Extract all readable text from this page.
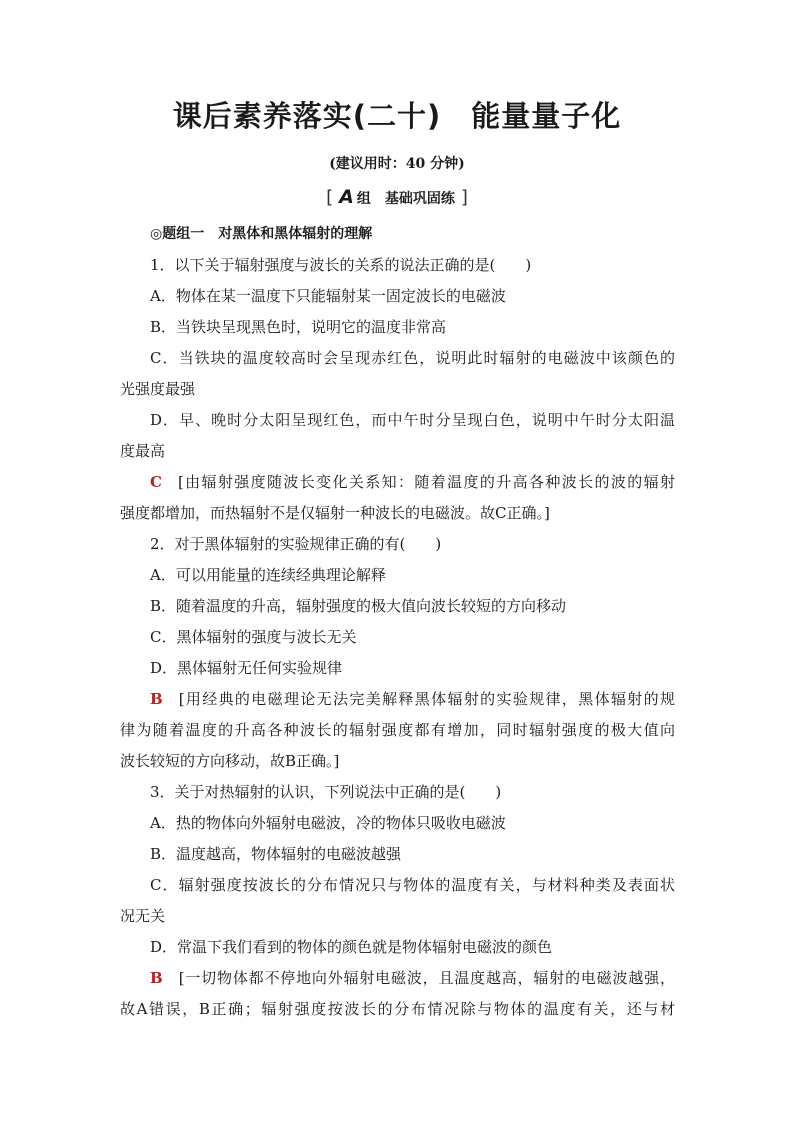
课后素养落实(二十) 能量量子化
(建议用时：40 分钟)
[ A 组 基础巩固练 ]
◎题组一　对黑体和黑体辐射的理解
1．以下关于辐射强度与波长的关系的说法正确的是(　　)
A．物体在某一温度下只能辐射某一固定波长的电磁波
B．当铁块呈现黑色时，说明它的温度非常高
C．当铁块的温度较高时会呈现赤红色，说明此时辐射的电磁波中该颜色的
光强度最强
D．早、晚时分太阳呈现红色，而中午时分呈现白色，说明中午时分太阳温
度最高
C [由辐射强度随波长变化关系知：随着温度的升高各种波长的波的辐射
强度都增加，而热辐射不是仅辐射一种波长的电磁波。故C正确。]
2．对于黑体辐射的实验规律正确的有(　　)
A．可以用能量的连续经典理论解释
B．随着温度的升高，辐射强度的极大值向波长较短的方向移动
C．黑体辐射的强度与波长无关
D．黑体辐射无任何实验规律
B [用经典的电磁理论无法完美解释黑体辐射的实验规律，黑体辐射的规
律为随着温度的升高各种波长的辐射强度都有增加，同时辐射强度的极大值向
波长较短的方向移动，故B正确。]
3．关于对热辐射的认识，下列说法中正确的是(　　)
A．热的物体向外辐射电磁波，冷的物体只吸收电磁波
B．温度越高，物体辐射的电磁波越强
C．辐射强度按波长的分布情况只与物体的温度有关，与材料种类及表面状
况无关
D．常温下我们看到的物体的颜色就是物体辐射电磁波的颜色
B [一切物体都不停地向外辐射电磁波，且温度越高，辐射的电磁波越强，
故A错误，B正确；辐射强度按波长的分布情况除与物体的温度有关，还与材
